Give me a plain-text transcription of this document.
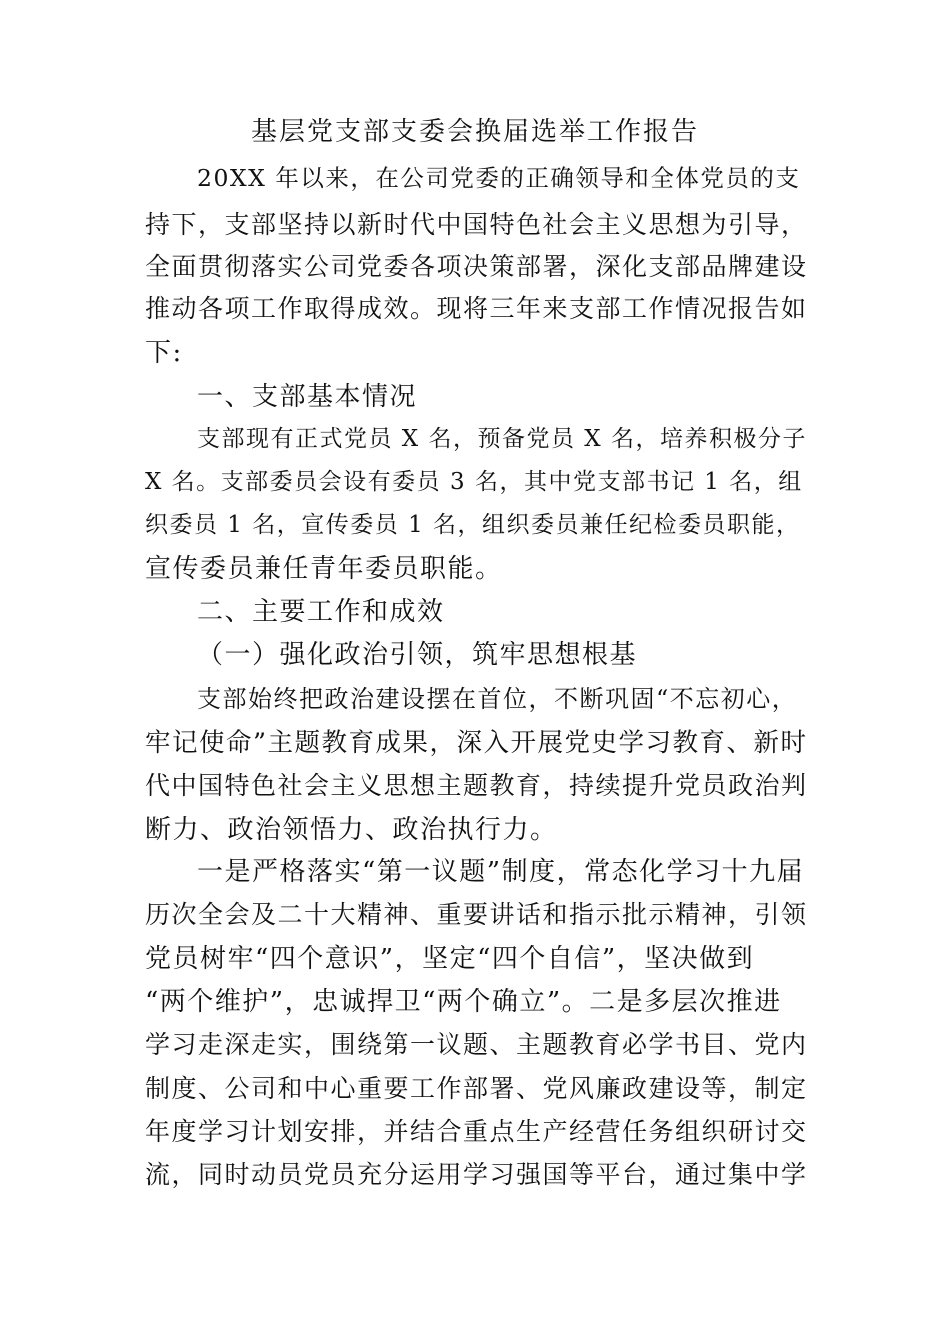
基层党支部支委会换届选举工作报告
20XX 年以来，在公司党委的正确领导和全体党员的支
持下，支部坚持以新时代中国特色社会主义思想为引导，
全面贯彻落实公司党委各项决策部署，深化支部品牌建设
推动各项工作取得成效。现将三年来支部工作情况报告如
下:
一、支部基本情况
支部现有正式党员 X 名，预备党员 X 名，培养积极分子
X 名。支部委员会设有委员 3 名，其中党支部书记 1 名，组
织委员 1 名，宣传委员 1 名，组织委员兼任纪检委员职能，
宣传委员兼任青年委员职能。
二、主要工作和成效
（一）强化政治引领，筑牢思想根基
支部始终把政治建设摆在首位，不断巩固“不忘初心，
牢记使命”主题教育成果，深入开展党史学习教育、新时
代中国特色社会主义思想主题教育，持续提升党员政治判
断力、政治领悟力、政治执行力。
一是严格落实“第一议题”制度，常态化学习十九届
历次全会及二十大精神、重要讲话和指示批示精神，引领
党员树牢“四个意识”，坚定“四个自信”，坚决做到
“两个维护”，忠诚捍卫“两个确立”。二是多层次推进
学习走深走实，围绕第一议题、主题教育必学书目、党内
制度、公司和中心重要工作部署、党风廉政建设等，制定
年度学习计划安排，并结合重点生产经营任务组织研讨交
流，同时动员党员充分运用学习强国等平台，通过集中学
